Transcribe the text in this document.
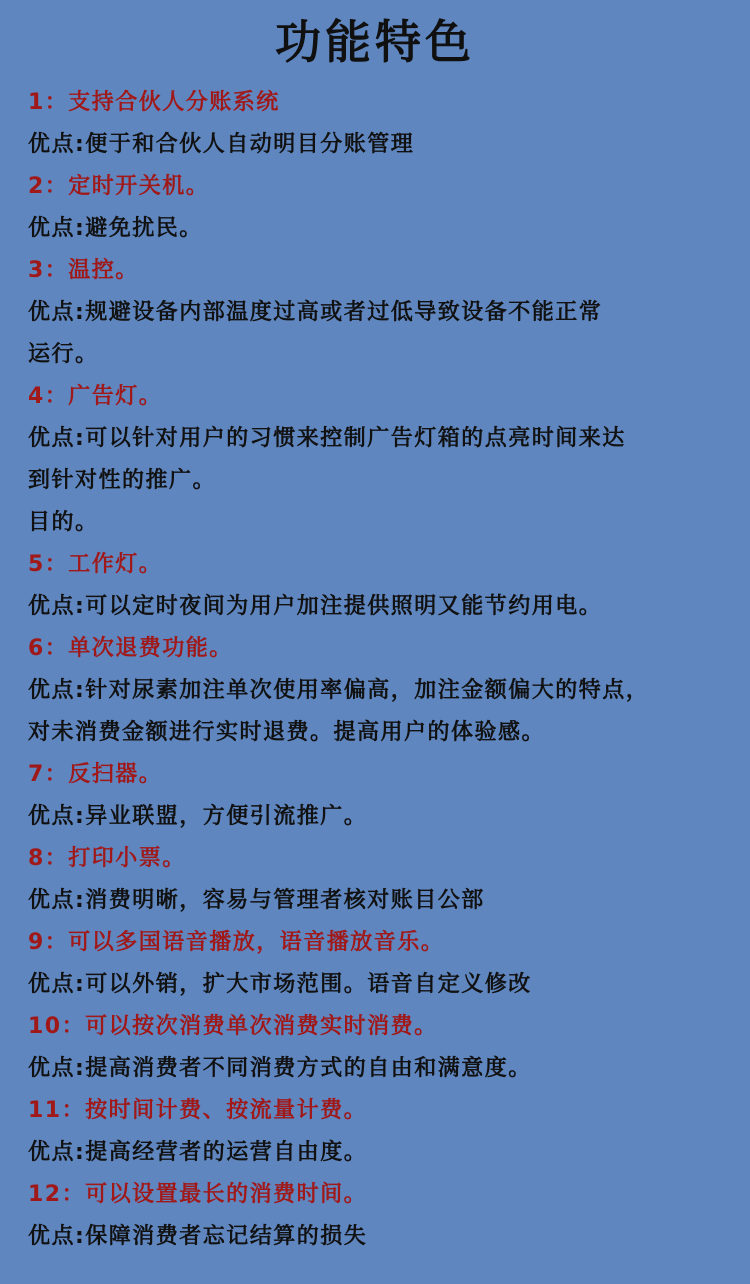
功能特色
1：支持合伙人分账系统
优点:便于和合伙人自动明目分账管理
2：定时开关机。
优点:避免扰民。
3：温控。
优点:规避设备内部温度过高或者过低导致设备不能正常
运行。
4：广告灯。
优点:可以针对用户的习惯来控制广告灯箱的点亮时间来达
到针对性的推广。
目的。
5：工作灯。
优点:可以定时夜间为用户加注提供照明又能节约用电。
6：单次退费功能。
优点:针对尿素加注单次使用率偏高，加注金额偏大的特点，
对未消费金额进行实时退费。提高用户的体验感。
7：反扫器。
优点:异业联盟，方便引流推广。
8：打印小票。
优点:消费明晰，容易与管理者核对账目公部
9：可以多国语音播放，语音播放音乐。
优点:可以外销，扩大市场范围。语音自定义修改
10：可以按次消费单次消费实时消费。
优点:提高消费者不同消费方式的自由和满意度。
11：按时间计费、按流量计费。
优点:提高经营者的运营自由度。
12：可以设置最长的消费时间。
优点:保障消费者忘记结算的损失
